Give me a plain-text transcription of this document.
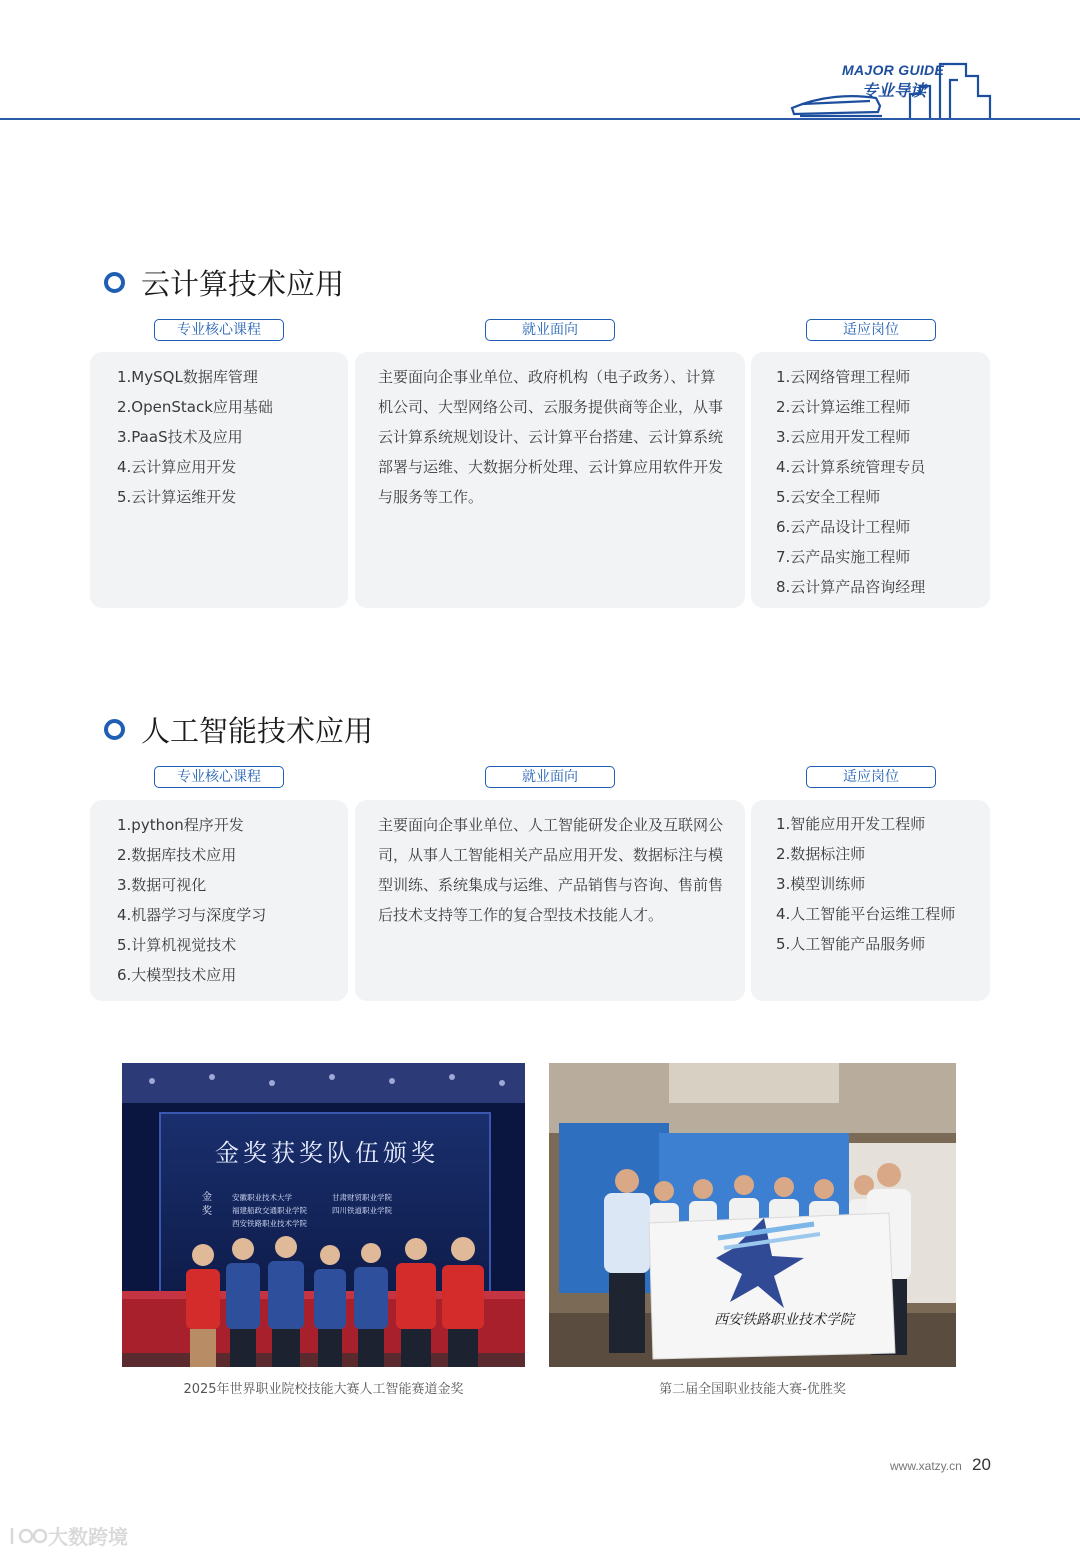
MAJOR GUIDE
专业导读
云计算技术应用
专业核心课程	就业面向	适应岗位
1.MySQL数据库管理
2.OpenStack应用基础
3.PaaS技术及应用
4.云计算应用开发
5.云计算运维开发
主要面向企事业单位、政府机构（电子政务）、计算
机公司、大型网络公司、云服务提供商等企业，从事
云计算系统规划设计、云计算平台搭建、云计算系统
部署与运维、大数据分析处理、云计算应用软件开发
与服务等工作。
1.云网络管理工程师
2.云计算运维工程师
3.云应用开发工程师
4.云计算系统管理专员
5.云安全工程师
6.云产品设计工程师
7.云产品实施工程师
8.云计算产品咨询经理
人工智能技术应用
专业核心课程	就业面向	适应岗位
1.python程序开发
2.数据库技术应用
3.数据可视化
4.机器学习与深度学习
5.计算机视觉技术
6.大模型技术应用
主要面向企事业单位、人工智能研发企业及互联网公
司，从事人工智能相关产品应用开发、数据标注与模
型训练、系统集成与运维、产品销售与咨询、售前售
后技术支持等工作的复合型技术技能人才。
1.智能应用开发工程师
2.数据标注师
3.模型训练师
4.人工智能平台运维工程师
5.人工智能产品服务师
金奖获奖队伍颁奖
金奖
安徽职业技术大学	甘肃财贸职业学院
福建船政交通职业学院	四川铁道职业学院
西安铁路职业技术学院
2025年世界职业院校技能大赛人工智能赛道金奖
西安铁路职业技术学院
第二届全国职业技能大赛-优胜奖
www.xatzy.cn 20
大数跨境
